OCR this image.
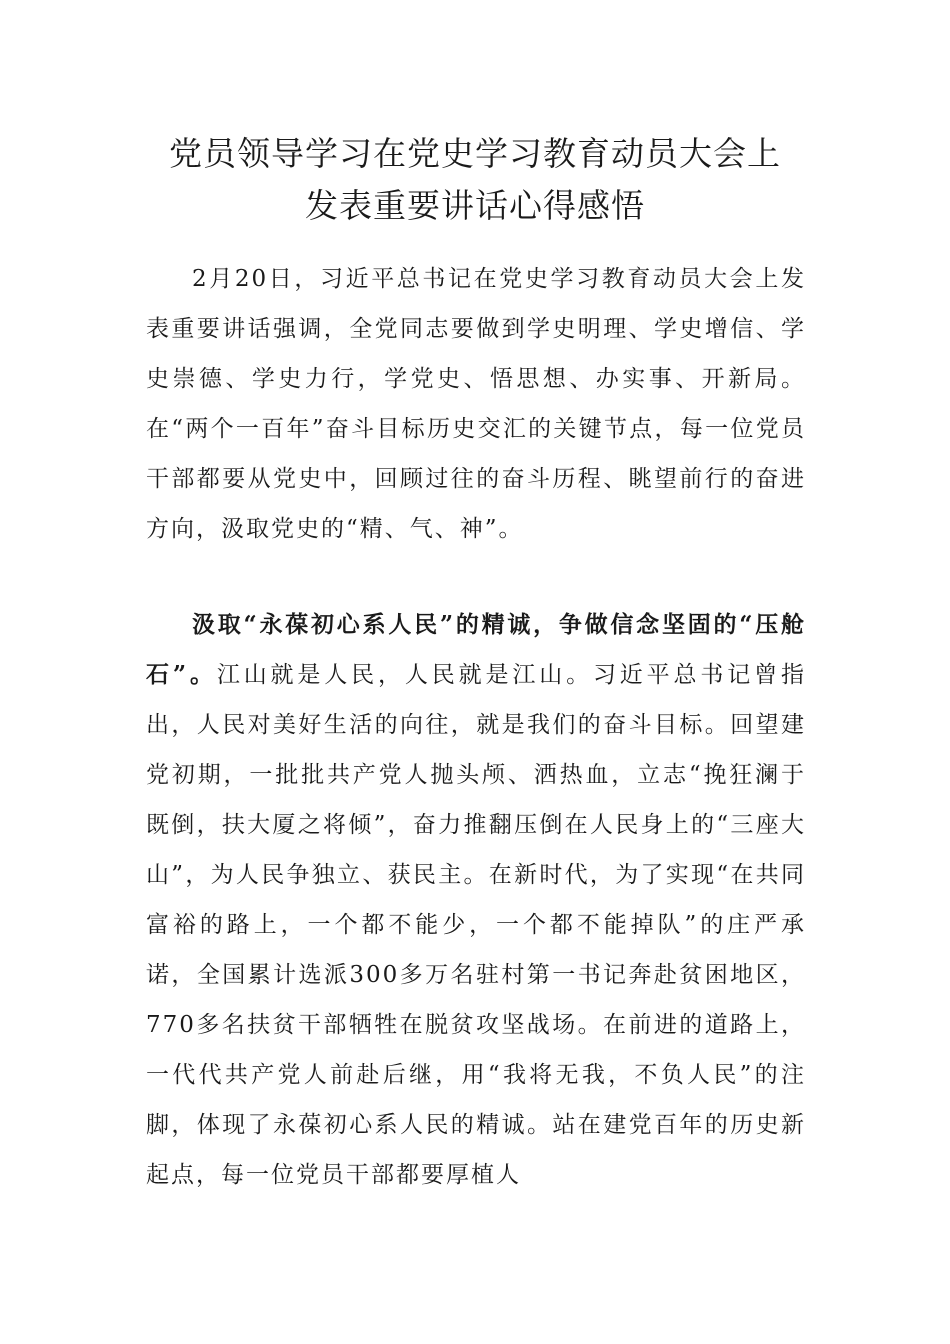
党员领导学习在党史学习教育动员大会上
发表重要讲话心得感悟

2月20日，习近平总书记在党史学习教育动员大会上发表重要讲话强调，全党同志要做到学史明理、学史增信、学史崇德、学史力行，学党史、悟思想、办实事、开新局。在“两个一百年”奋斗目标历史交汇的关键节点，每一位党员干部都要从党史中，回顾过往的奋斗历程、眺望前行的奋进方向，汲取党史的“精、气、神”。

汲取“永葆初心系人民”的精诚，争做信念坚固的“压舱石”。江山就是人民，人民就是江山。习近平总书记曾指出，人民对美好生活的向往，就是我们的奋斗目标。回望建党初期，一批批共产党人抛头颅、洒热血，立志“挽狂澜于既倒，扶大厦之将倾”，奋力推翻压倒在人民身上的“三座大山”，为人民争独立、获民主。在新时代，为了实现“在共同富裕的路上，一个都不能少，一个都不能掉队”的庄严承诺，全国累计选派300多万名驻村第一书记奔赴贫困地区，770多名扶贫干部牺牲在脱贫攻坚战场。在前进的道路上，一代代共产党人前赴后继，用“我将无我，不负人民”的注脚，体现了永葆初心系人民的精诚。站在建党百年的历史新起点，每一位党员干部都要厚植人
